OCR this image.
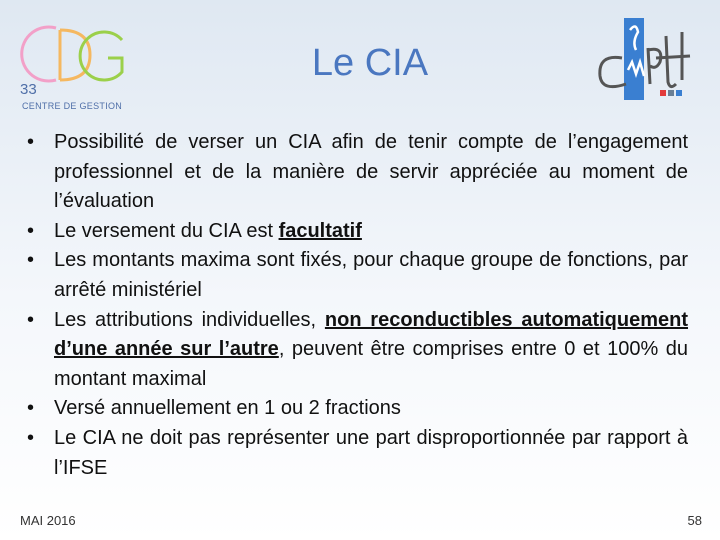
33
CENTRE DE GESTION
Le CIA
• Possibilité de verser un CIA afin de tenir compte de l’engagement professionnel et de la manière de servir appréciée au moment de l’évaluation
• Le versement du CIA est facultatif
• Les montants maxima sont fixés, pour chaque groupe de fonctions, par arrêté ministériel
• Les attributions individuelles, non reconductibles automatiquement d’une année sur l’autre, peuvent être comprises entre 0 et 100% du montant maximal
• Versé annuellement en 1 ou 2 fractions
• Le CIA ne doit pas représenter une part disproportionnée par rapport à l’IFSE
MAI 2016	58
